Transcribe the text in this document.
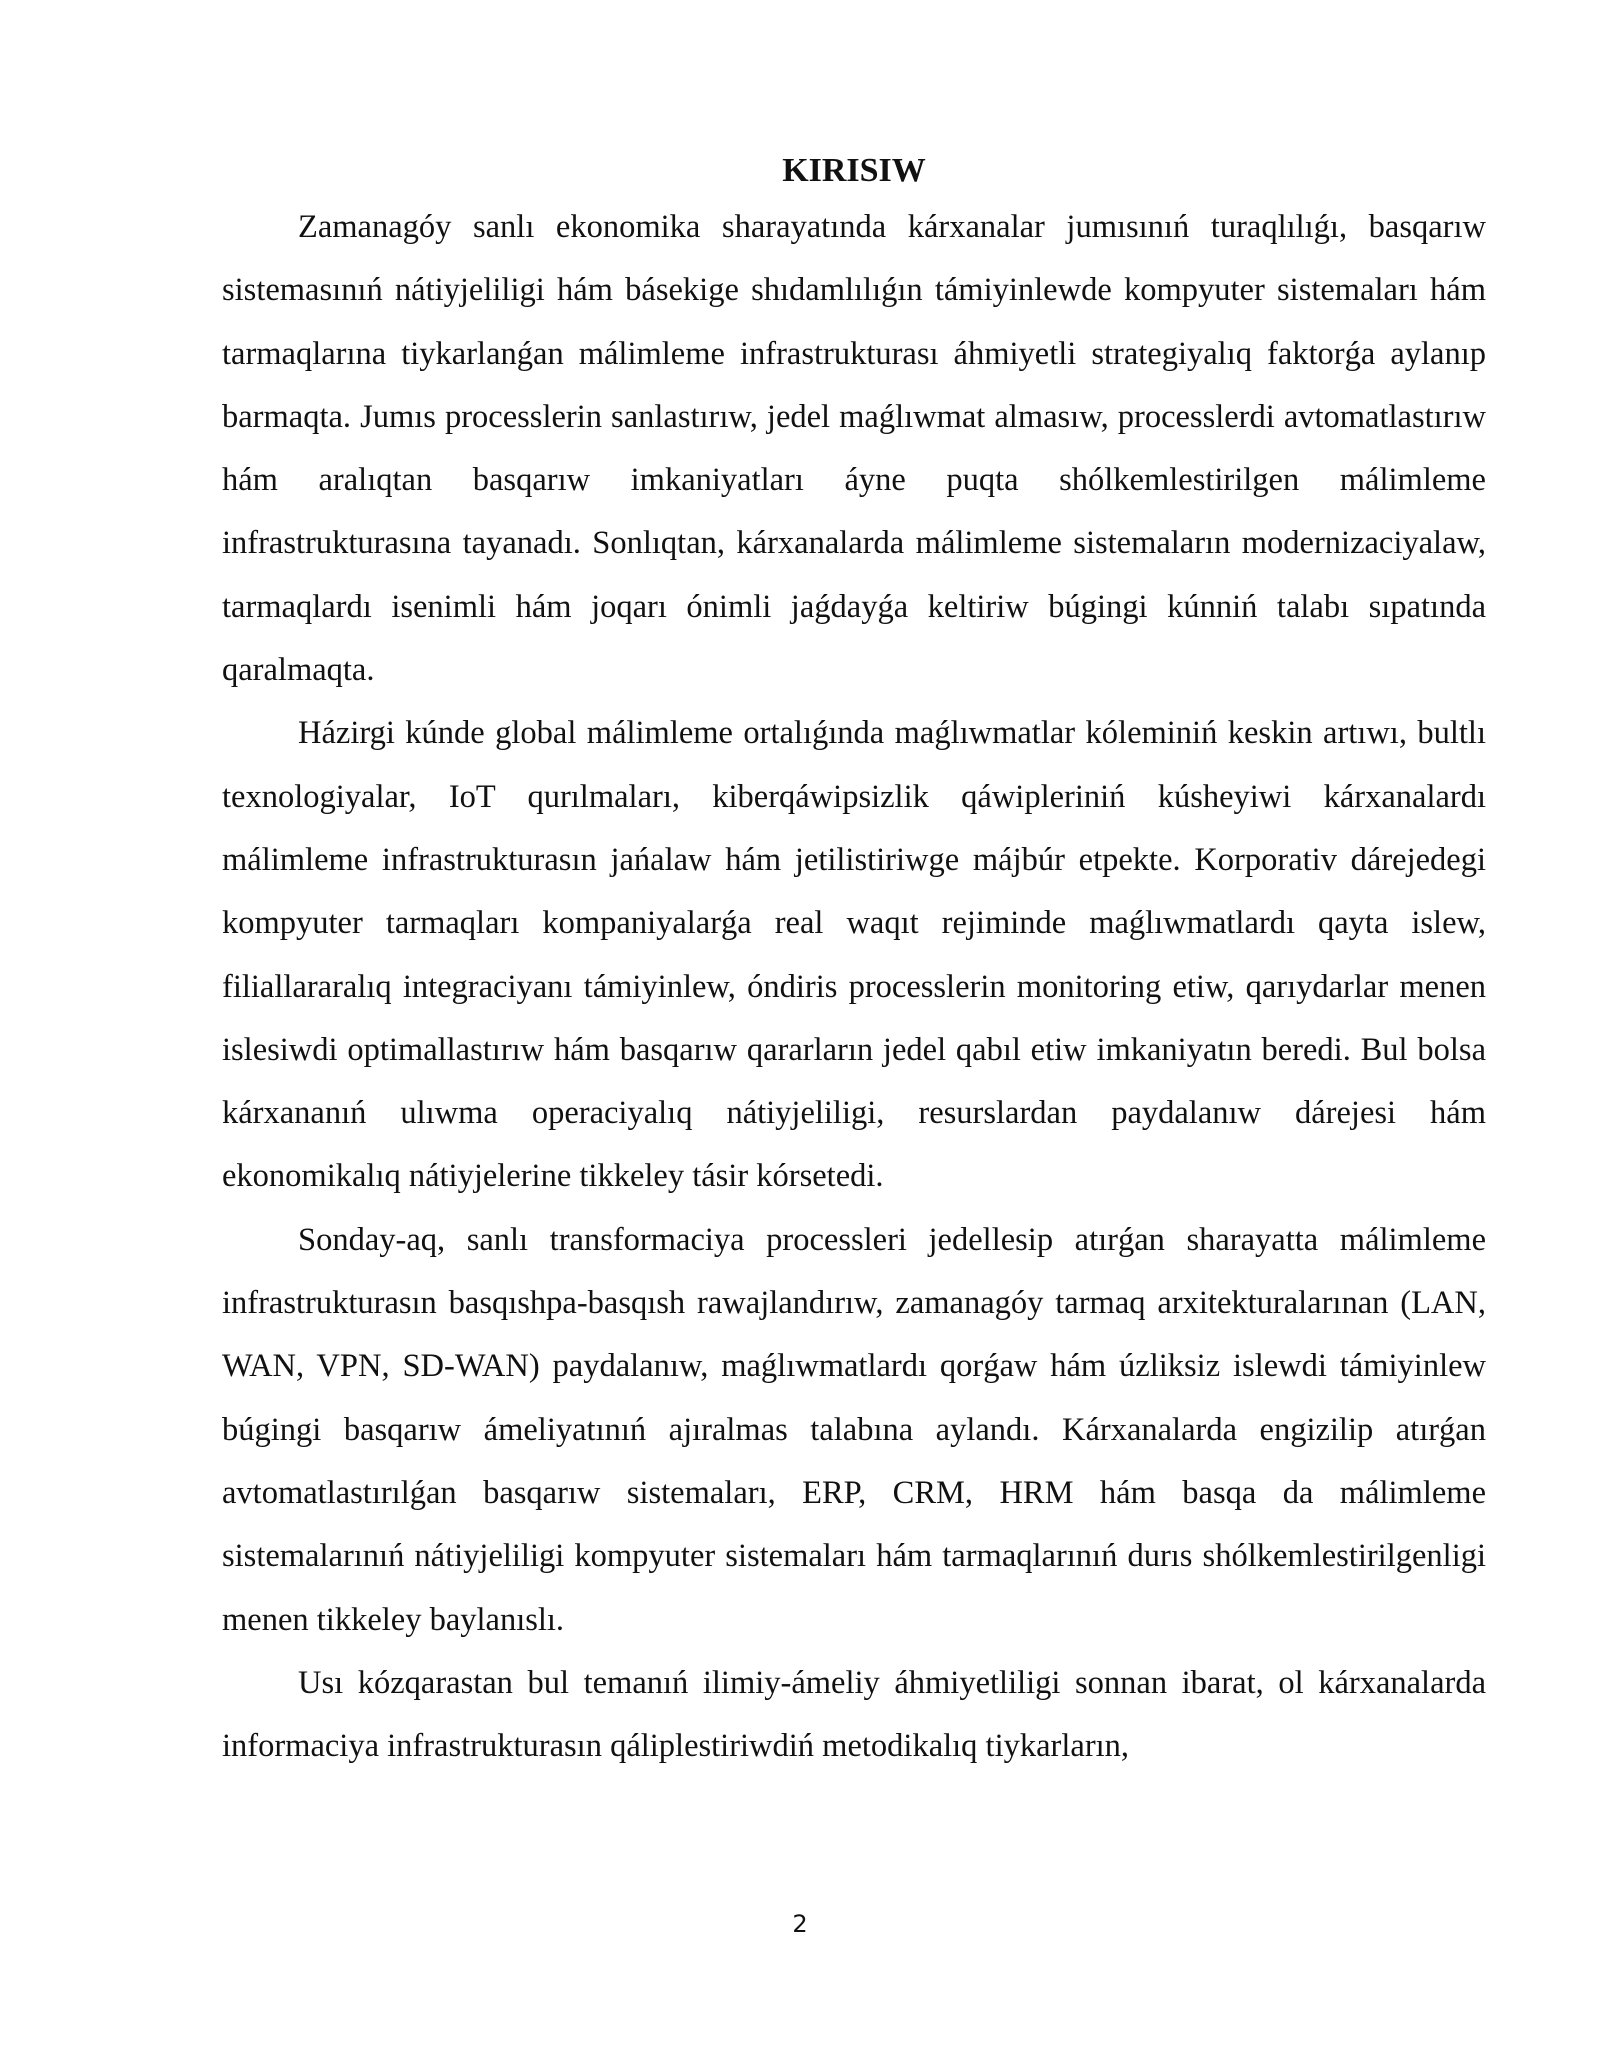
KIRISIW

Zamanagóy sanlı ekonomika sharayatında kárxanalar jumısınıń turaqlılıǵı, basqarıw sistemasınıń nátiyjeliligi hám básekige shıdamlılıǵın támiyinlewde kompyuter sistemaları hám tarmaqlarına tiykarlanǵan málimleme infrastrukturası áhmiyetli strategiyalıq faktorǵa aylanıp barmaqta. Jumıs processlerin sanlastırıw, jedel maǵlıwmat almasıw, processlerdi avtomatlastırıw hám aralıqtan basqarıw imkaniyatları áyne puqta shólkemlestirilgen málimleme infrastrukturasına tayanadı. Sonlıqtan, kárxanalarda málimleme sistemaların modernizaciyalaw, tarmaqlardı isenimli hám joqarı ónimli jaǵdayǵa keltiriw búgingi kúnniń talabı sıpatında qaralmaqta.

Házirgi kúnde global málimleme ortalıǵında maǵlıwmatlar kóleminiń keskin artıwı, bultlı texnologiyalar, IoT qurılmaları, kiberqáwipsizlik qáwipleriniń kúsheyiwi kárxanalardı málimleme infrastrukturasın jańalaw hám jetilistiriwge májbúr etpekte. Korporativ dárejedegi kompyuter tarmaqları kompaniyalarǵa real waqıt rejiminde maǵlıwmatlardı qayta islew, filiallararalıq integraciyanı támiyinlew, óndiris processlerin monitoring etiw, qarıydarlar menen islesiwdi optimallastırıw hám basqarıw qararların jedel qabıl etiw imkaniyatın beredi. Bul bolsa kárxananıń ulıwma operaciyalıq nátiyjeliligi, resurslardan paydalanıw dárejesi hám ekonomikalıq nátiyjelerine tikkeley tásir kórsetedi.

Sonday-aq, sanlı transformaciya processleri jedellesip atırǵan sharayatta málimleme infrastrukturasın basqıshpa-basqısh rawajlandırıw, zamanagóy tarmaq arxitekturalarınan (LAN, WAN, VPN, SD-WAN) paydalanıw, maǵlıwmatlardı qorǵaw hám úzliksiz islewdi támiyinlew búgingi basqarıw ámeliyatınıń ajıralmas talabına aylandı. Kárxanalarda engizilip atırǵan avtomatlastırılǵan basqarıw sistemaları, ERP, CRM, HRM hám basqa da málimleme sistemalarınıń nátiyjeliligi kompyuter sistemaları hám tarmaqlarınıń durıs shólkemlestirilgenligi menen tikkeley baylanıslı.

Usı kózqarastan bul temanıń ilimiy-ámeliy áhmiyetliligi sonnan ibarat, ol kárxanalarda informaciya infrastrukturasın qáliplestiriwdiń metodikalıq tiykarların,

2
